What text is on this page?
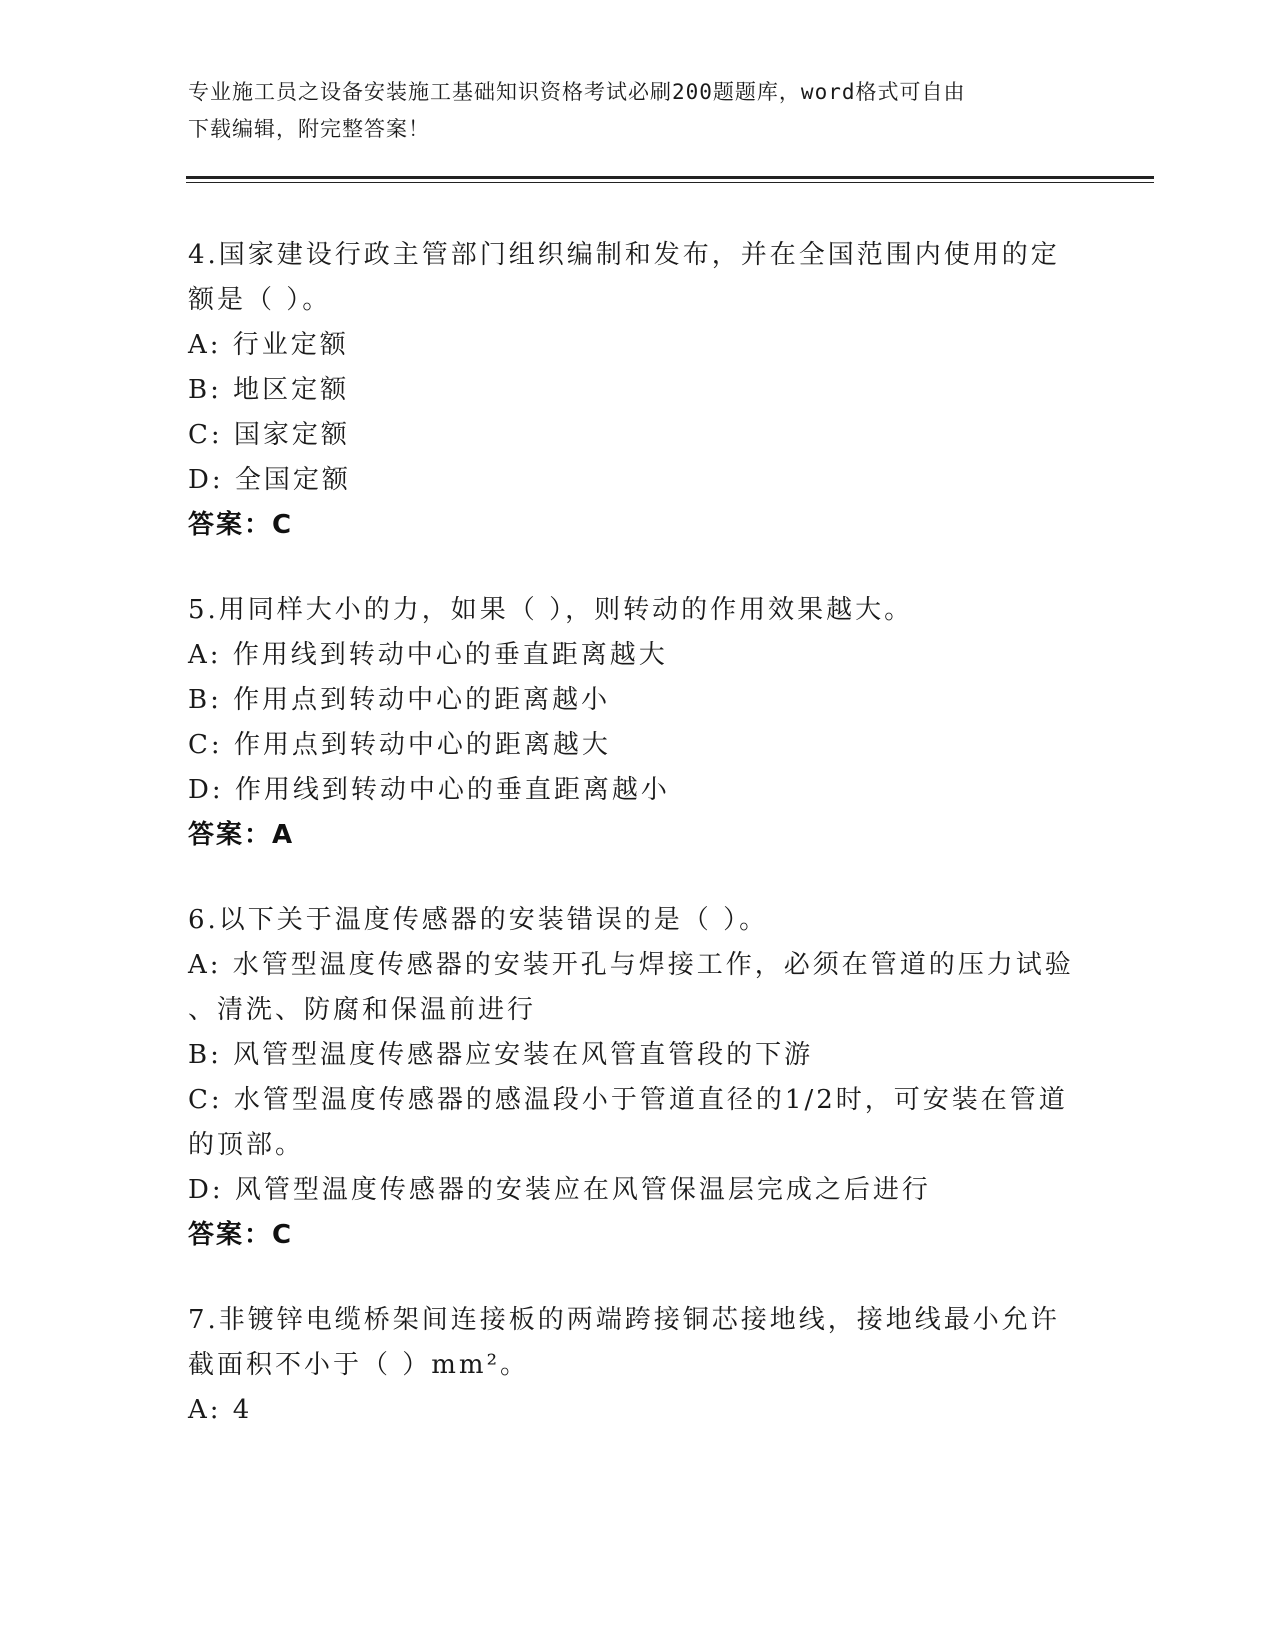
专业施工员之设备安装施工基础知识资格考试必刷200题题库，word格式可自由
下载编辑，附完整答案！
4.国家建设行政主管部门组织编制和发布，并在全国范围内使用的定
额是（ ）。
A: 行业定额
B: 地区定额
C: 国家定额
D: 全国定额
答案：C
5.用同样大小的力，如果（ ），则转动的作用效果越大。
A: 作用线到转动中心的垂直距离越大
B: 作用点到转动中心的距离越小
C: 作用点到转动中心的距离越大
D: 作用线到转动中心的垂直距离越小
答案：A
6.以下关于温度传感器的安装错误的是（ ）。
A: 水管型温度传感器的安装开孔与焊接工作，必须在管道的压力试验
、清洗、防腐和保温前进行
B: 风管型温度传感器应安装在风管直管段的下游
C: 水管型温度传感器的感温段小于管道直径的1/2时，可安装在管道
的顶部。
D: 风管型温度传感器的安装应在风管保温层完成之后进行
答案：C
7.非镀锌电缆桥架间连接板的两端跨接铜芯接地线，接地线最小允许
截面积不小于（ ）mm²。
A: 4
